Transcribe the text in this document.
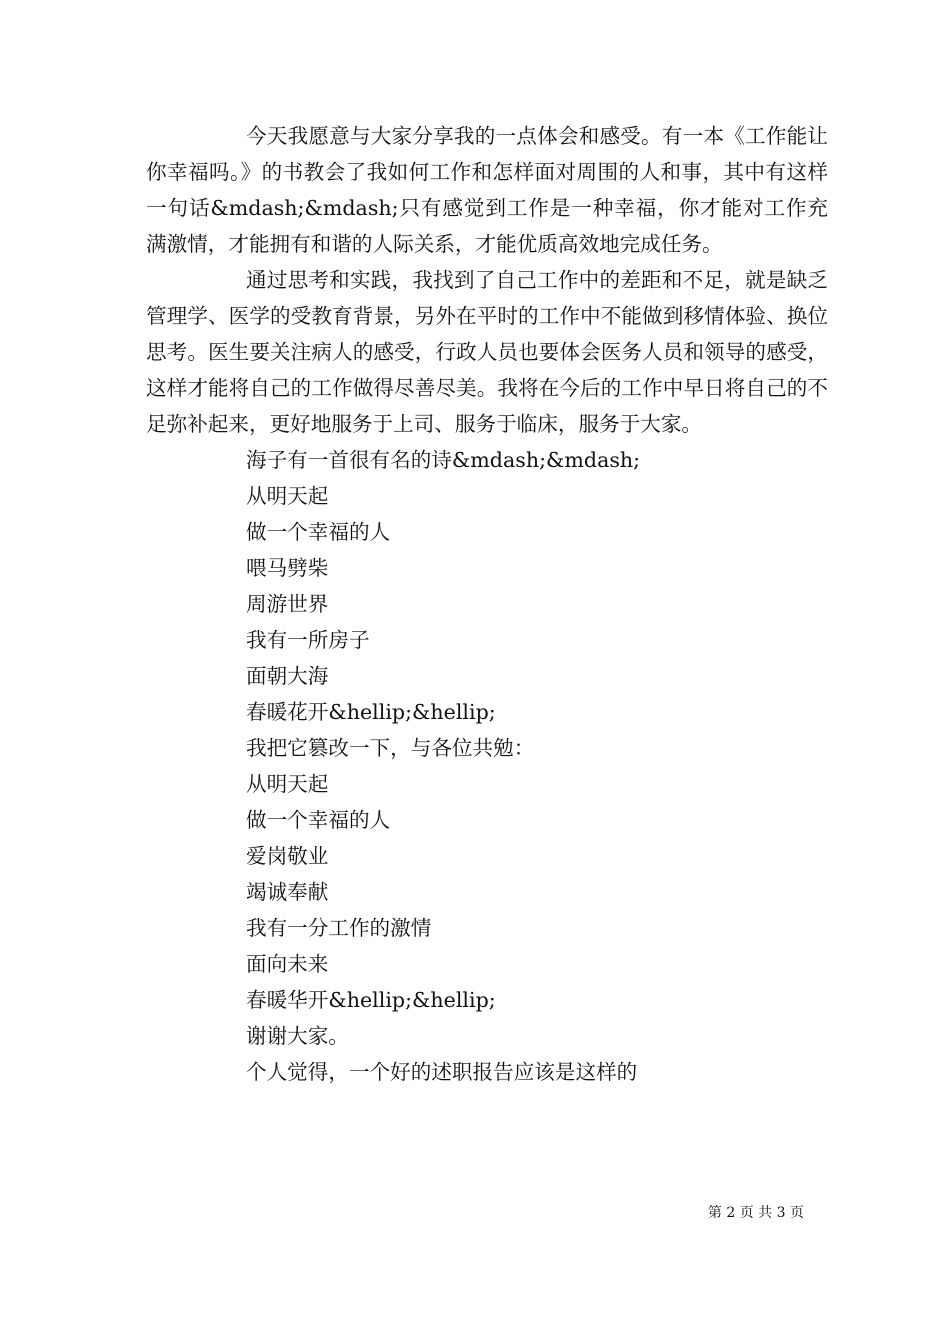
今天我愿意与大家分享我的一点体会和感受。有一本《工作能让你幸福吗。》的书教会了我如何工作和怎样面对周围的人和事，其中有这样一句话&mdash;&mdash;只有感觉到工作是一种幸福，你才能对工作充满激情，才能拥有和谐的人际关系，才能优质高效地完成任务。

通过思考和实践，我找到了自己工作中的差距和不足，就是缺乏管理学、医学的受教育背景，另外在平时的工作中不能做到移情体验、换位思考。医生要关注病人的感受，行政人员也要体会医务人员和领导的感受，这样才能将自己的工作做得尽善尽美。我将在今后的工作中早日将自己的不足弥补起来，更好地服务于上司、服务于临床，服务于大家。

海子有一首很有名的诗&mdash;&mdash;

从明天起

做一个幸福的人

喂马劈柴

周游世界

我有一所房子

面朝大海

春暖花开&hellip;&hellip;

我把它篡改一下，与各位共勉：

从明天起

做一个幸福的人

爱岗敬业

竭诚奉献

我有一分工作的激情

面向未来

春暖华开&hellip;&hellip;

谢谢大家。

个人觉得，一个好的述职报告应该是这样的

第 2 页 共 3 页
